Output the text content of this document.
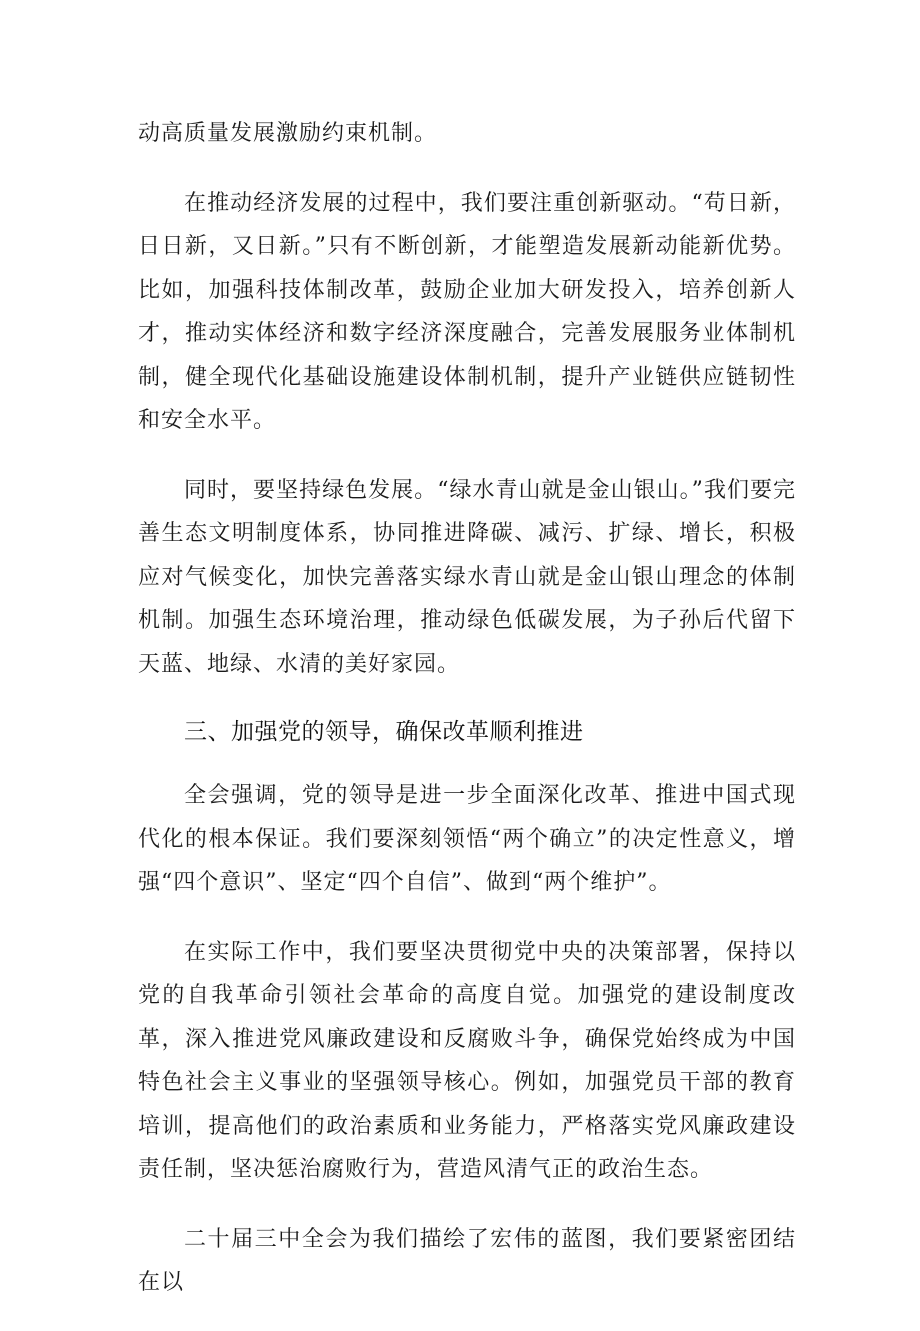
动高质量发展激励约束机制。

在推动经济发展的过程中，我们要注重创新驱动。“苟日新，日日新，又日新。”只有不断创新，才能塑造发展新动能新优势。比如，加强科技体制改革，鼓励企业加大研发投入，培养创新人才，推动实体经济和数字经济深度融合，完善发展服务业体制机制，健全现代化基础设施建设体制机制，提升产业链供应链韧性和安全水平。

同时，要坚持绿色发展。“绿水青山就是金山银山。”我们要完善生态文明制度体系，协同推进降碳、减污、扩绿、增长，积极应对气候变化，加快完善落实绿水青山就是金山银山理念的体制机制。加强生态环境治理，推动绿色低碳发展，为子孙后代留下天蓝、地绿、水清的美好家园。

三、加强党的领导，确保改革顺利推进

全会强调，党的领导是进一步全面深化改革、推进中国式现代化的根本保证。我们要深刻领悟“两个确立”的决定性意义，增强“四个意识”、坚定“四个自信”、做到“两个维护”。

在实际工作中，我们要坚决贯彻党中央的决策部署，保持以党的自我革命引领社会革命的高度自觉。加强党的建设制度改革，深入推进党风廉政建设和反腐败斗争，确保党始终成为中国特色社会主义事业的坚强领导核心。例如，加强党员干部的教育培训，提高他们的政治素质和业务能力，严格落实党风廉政建设责任制，坚决惩治腐败行为，营造风清气正的政治生态。

二十届三中全会为我们描绘了宏伟的蓝图，我们要紧密团结在以
